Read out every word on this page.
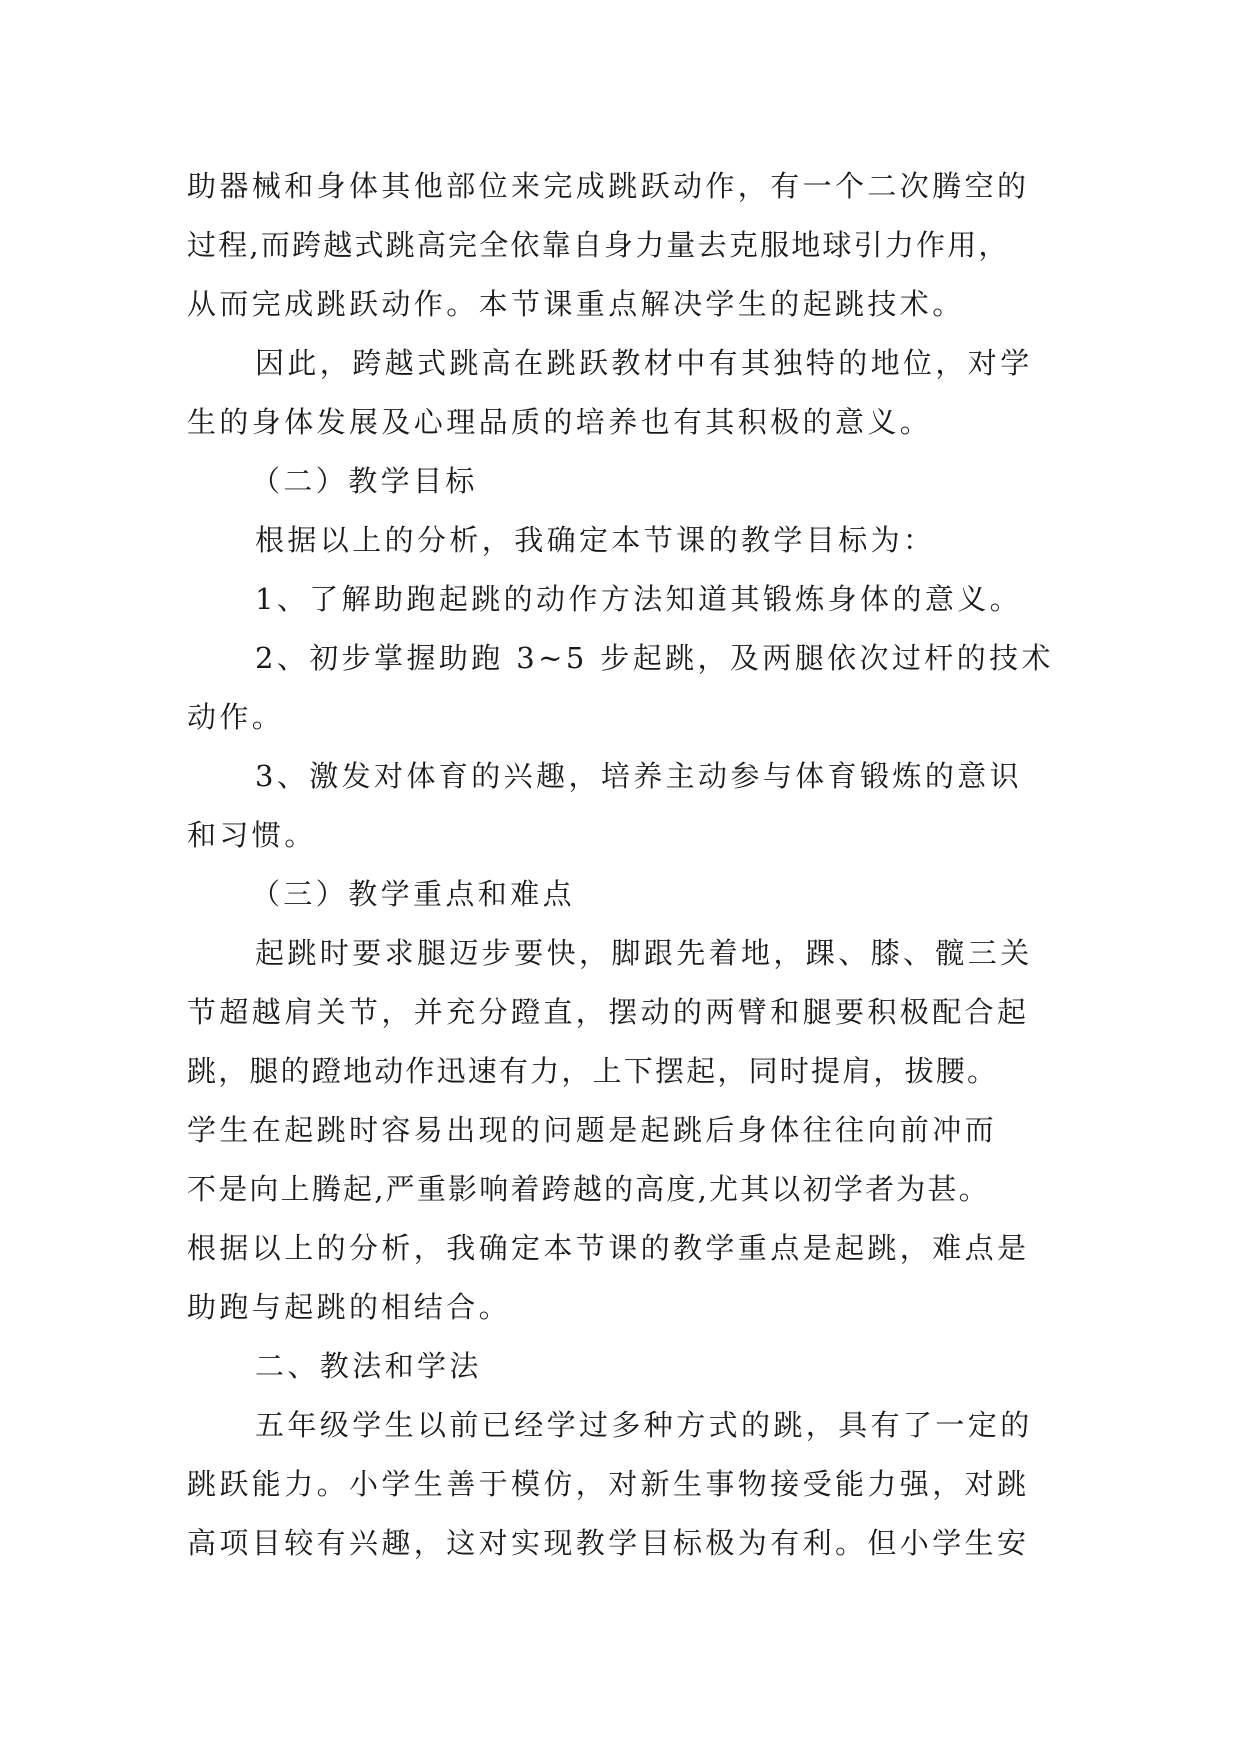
助器械和身体其他部位来完成跳跃动作，有一个二次腾空的
过程,而跨越式跳高完全依靠自身力量去克服地球引力作用，
从而完成跳跃动作。本节课重点解决学生的起跳技术。
因此，跨越式跳高在跳跃教材中有其独特的地位，对学
生的身体发展及心理品质的培养也有其积极的意义。
（二）教学目标
根据以上的分析，我确定本节课的教学目标为：
1、了解助跑起跳的动作方法知道其锻炼身体的意义。
2、初步掌握助跑 3~5 步起跳，及两腿依次过杆的技术
动作。
3、激发对体育的兴趣，培养主动参与体育锻炼的意识
和习惯。
（三）教学重点和难点
起跳时要求腿迈步要快，脚跟先着地，踝、膝、髋三关
节超越肩关节，并充分蹬直，摆动的两臂和腿要积极配合起
跳，腿的蹬地动作迅速有力，上下摆起，同时提肩，拔腰。
学生在起跳时容易出现的问题是起跳后身体往往向前冲而
不是向上腾起,严重影响着跨越的高度,尤其以初学者为甚。
根据以上的分析，我确定本节课的教学重点是起跳，难点是
助跑与起跳的相结合。
二、教法和学法
五年级学生以前已经学过多种方式的跳，具有了一定的
跳跃能力。小学生善于模仿，对新生事物接受能力强，对跳
高项目较有兴趣，这对实现教学目标极为有利。但小学生安
